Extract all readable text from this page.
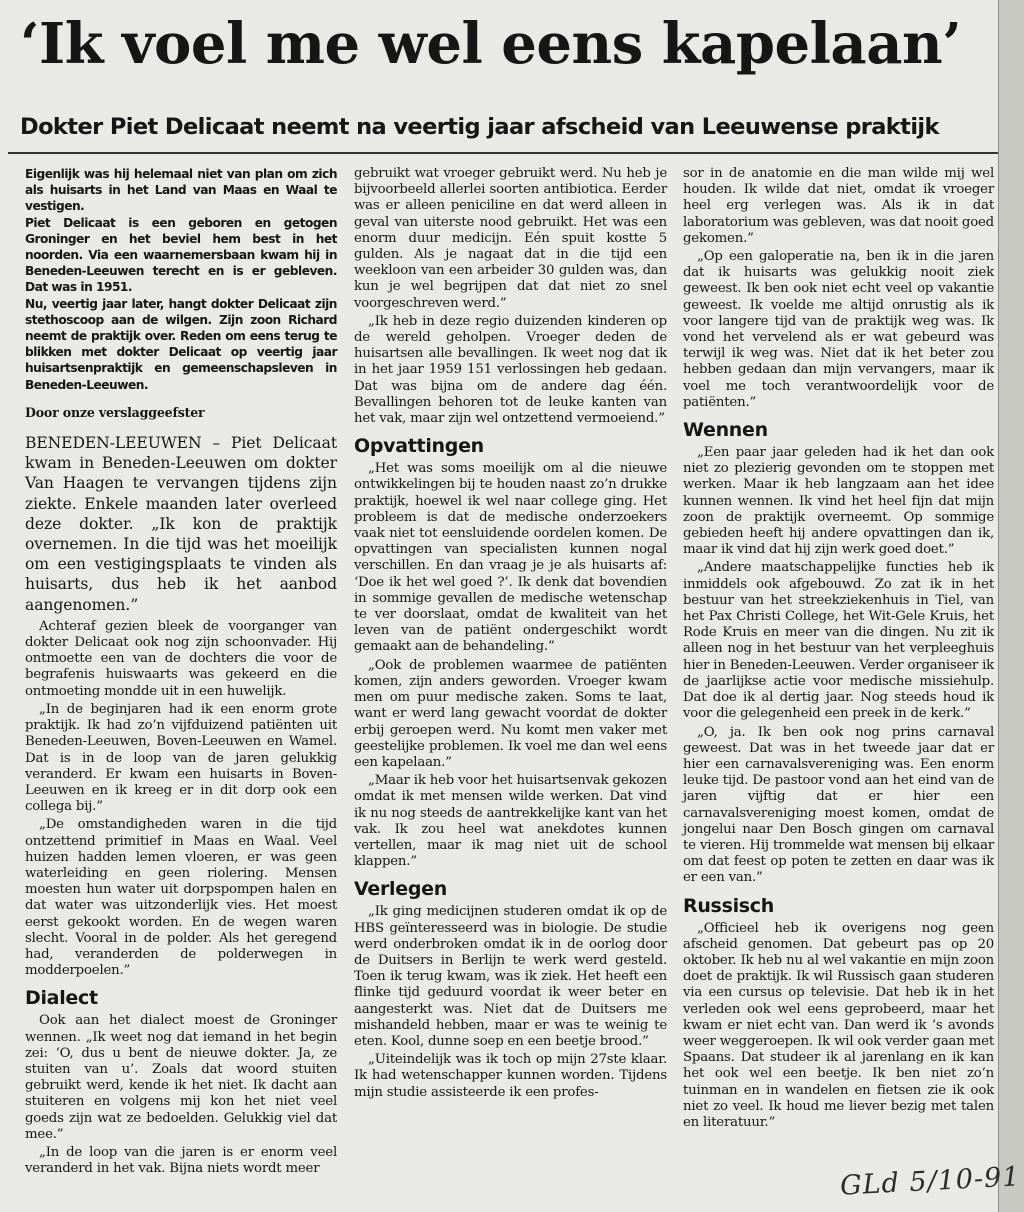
‘Ik voel me wel eens kapelaan’
Dokter Piet Delicaat neemt na veertig jaar afscheid van Leeuwense praktijk

Eigenlijk was hij helemaal niet van plan om zich als huisarts in het Land van Maas en Waal te vestigen.

Piet Delicaat is een geboren en getogen Groninger en het beviel hem best in het noorden. Via een waarnemersbaan kwam hij in Beneden-Leeuwen terecht en is er gebleven. Dat was in 1951.

Nu, veertig jaar later, hangt dokter Delicaat zijn stethoscoop aan de wilgen. Zijn zoon Richard neemt de praktijk over. Reden om eens terug te blikken met dokter Delicaat op veertig jaar huisartsenpraktijk en gemeenschapsleven in Beneden-Leeuwen.

Door onze verslaggeefster

BENEDEN-LEEUWEN – Piet Delicaat kwam in Beneden-Leeuwen om dokter Van Haagen te vervangen tijdens zijn ziekte. Enkele maanden later overleed deze dokter. „Ik kon de praktijk overnemen. In die tijd was het moeilijk om een vestigingsplaats te vinden als huisarts, dus heb ik het aanbod aangenomen.”

Achteraf gezien bleek de voorganger van dokter Delicaat ook nog zijn schoonvader. Hij ontmoette een van de dochters die voor de begrafenis huiswaarts was gekeerd en die ontmoeting mondde uit in een huwelijk.

„In de beginjaren had ik een enorm grote praktijk. Ik had zo’n vijfduizend patiënten uit Beneden-Leeuwen, Boven-Leeuwen en Wamel. Dat is in de loop van de jaren gelukkig veranderd. Er kwam een huisarts in Boven-Leeuwen en ik kreeg er in dit dorp ook een collega bij.”

„De omstandigheden waren in die tijd ontzettend primitief in Maas en Waal. Veel huizen hadden lemen vloeren, er was geen waterleiding en geen riolering. Mensen moesten hun water uit dorpspompen halen en dat water was uitzonderlijk vies. Het moest eerst gekookt worden. En de wegen waren slecht. Vooral in de polder. Als het geregend had, veranderden de polderwegen in modderpoelen.”

Dialect

Ook aan het dialect moest de Groninger wennen. „Ik weet nog dat iemand in het begin zei: ‘O, dus u bent de nieuwe dokter. Ja, ze stuiten van u’. Zoals dat woord stuiten gebruikt werd, kende ik het niet. Ik dacht aan stuiteren en volgens mij kon het niet veel goeds zijn wat ze bedoelden. Gelukkig viel dat mee.”

„In de loop van die jaren is er enorm veel veranderd in het vak. Bijna niets wordt meer

gebruikt wat vroeger gebruikt werd. Nu heb je bijvoorbeeld allerlei soorten antibiotica. Eerder was er alleen peniciline en dat werd alleen in geval van uiterste nood gebruikt. Het was een enorm duur medicijn. Eén spuit kostte 5 gulden. Als je nagaat dat in die tijd een weekloon van een arbeider 30 gulden was, dan kun je wel begrijpen dat dat niet zo snel voorgeschreven werd.”

„Ik heb in deze regio duizenden kinderen op de wereld geholpen. Vroeger deden de huisartsen alle bevallingen. Ik weet nog dat ik in het jaar 1959 151 verlossingen heb gedaan. Dat was bijna om de andere dag één. Bevallingen behoren tot de leuke kanten van het vak, maar zijn wel ontzettend vermoeiend.”

Opvattingen

„Het was soms moeilijk om al die nieuwe ontwikkelingen bij te houden naast zo’n drukke praktijk, hoewel ik wel naar college ging. Het probleem is dat de medische onderzoekers vaak niet tot eensluidende oordelen komen. De opvattingen van specialisten kunnen nogal verschillen. En dan vraag je je als huisarts af: ‘Doe ik het wel goed ?’. Ik denk dat bovendien in sommige gevallen de medische wetenschap te ver doorslaat, omdat de kwaliteit van het leven van de patiënt ondergeschikt wordt gemaakt aan de behandeling.”

„Ook de problemen waarmee de patiënten komen, zijn anders geworden. Vroeger kwam men om puur medische zaken. Soms te laat, want er werd lang gewacht voordat de dokter erbij geroepen werd. Nu komt men vaker met geestelijke problemen. Ik voel me dan wel eens een kapelaan.”

„Maar ik heb voor het huisartsenvak gekozen omdat ik met mensen wilde werken. Dat vind ik nu nog steeds de aantrekkelijke kant van het vak. Ik zou heel wat anekdotes kunnen vertellen, maar ik mag niet uit de school klappen.”

Verlegen

„Ik ging medicijnen studeren omdat ik op de HBS geïnteresseerd was in biologie. De studie werd onderbroken omdat ik in de oorlog door de Duitsers in Berlijn te werk werd gesteld. Toen ik terug kwam, was ik ziek. Het heeft een flinke tijd geduurd voordat ik weer beter en aangesterkt was. Niet dat de Duitsers me mishandeld hebben, maar er was te weinig te eten. Kool, dunne soep en een beetje brood.”

„Uiteindelijk was ik toch op mijn 27ste klaar. Ik had wetenschapper kunnen worden. Tijdens mijn studie assisteerde ik een profes-

sor in de anatomie en die man wilde mij wel houden. Ik wilde dat niet, omdat ik vroeger heel erg verlegen was. Als ik in dat laboratorium was gebleven, was dat nooit goed gekomen.”

„Op een galoperatie na, ben ik in die jaren dat ik huisarts was gelukkig nooit ziek geweest. Ik ben ook niet echt veel op vakantie geweest. Ik voelde me altijd onrustig als ik voor langere tijd van de praktijk weg was. Ik vond het vervelend als er wat gebeurd was terwijl ik weg was. Niet dat ik het beter zou hebben gedaan dan mijn vervangers, maar ik voel me toch verantwoordelijk voor de patiënten.”

Wennen

„Een paar jaar geleden had ik het dan ook niet zo plezierig gevonden om te stoppen met werken. Maar ik heb langzaam aan het idee kunnen wennen. Ik vind het heel fijn dat mijn zoon de praktijk overneemt. Op sommige gebieden heeft hij andere opvattingen dan ik, maar ik vind dat hij zijn werk goed doet.”

„Andere maatschappelijke functies heb ik inmiddels ook afgebouwd. Zo zat ik in het bestuur van het streekziekenhuis in Tiel, van het Pax Christi College, het Wit-Gele Kruis, het Rode Kruis en meer van die dingen. Nu zit ik alleen nog in het bestuur van het verpleeghuis hier in Beneden-Leeuwen. Verder organiseer ik de jaarlijkse actie voor medische missiehulp. Dat doe ik al dertig jaar. Nog steeds houd ik voor die gelegenheid een preek in de kerk.”

„O, ja. Ik ben ook nog prins carnaval geweest. Dat was in het tweede jaar dat er hier een carnavalsvereniging was. Een enorm leuke tijd. De pastoor vond aan het eind van de jaren vijftig dat er hier een carnavalsvereniging moest komen, omdat de jongelui naar Den Bosch gingen om carnaval te vieren. Hij trommelde wat mensen bij elkaar om dat feest op poten te zetten en daar was ik er een van.”

Russisch

„Officieel heb ik overigens nog geen afscheid genomen. Dat gebeurt pas op 20 oktober. Ik heb nu al wel vakantie en mijn zoon doet de praktijk. Ik wil Russisch gaan studeren via een cursus op televisie. Dat heb ik in het verleden ook wel eens geprobeerd, maar het kwam er niet echt van. Dan werd ik ’s avonds weer weggeroepen. Ik wil ook verder gaan met Spaans. Dat studeer ik al jarenlang en ik kan het ook wel een beetje. Ik ben niet zo’n tuinman en in wandelen en fietsen zie ik ook niet zo veel. Ik houd me liever bezig met talen en literatuur.”

GLd 5/10-91
